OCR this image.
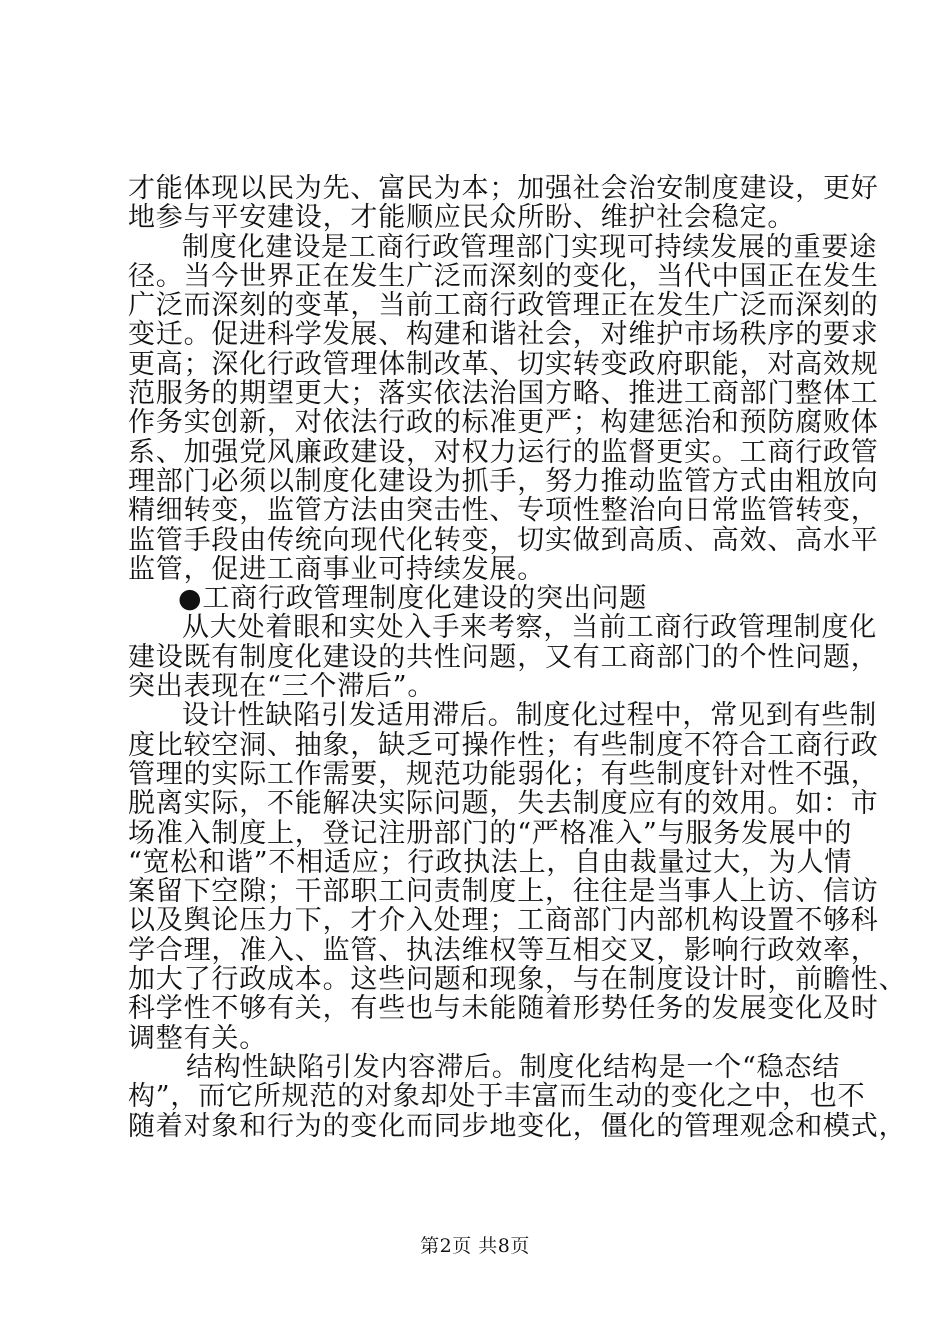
才能体现以民为先、富民为本；加强社会治安制度建设，更好
地参与平安建设，才能顺应民众所盼、维护社会稳定。
制度化建设是工商行政管理部门实现可持续发展的重要途
径。当今世界正在发生广泛而深刻的变化，当代中国正在发生
广泛而深刻的变革，当前工商行政管理正在发生广泛而深刻的
变迁。促进科学发展、构建和谐社会，对维护市场秩序的要求
更高；深化行政管理体制改革、切实转变政府职能，对高效规
范服务的期望更大；落实依法治国方略、推进工商部门整体工
作务实创新，对依法行政的标准更严；构建惩治和预防腐败体
系、加强党风廉政建设，对权力运行的监督更实。工商行政管
理部门必须以制度化建设为抓手，努力推动监管方式由粗放向
精细转变，监管方法由突击性、专项性整治向日常监管转变，
监管手段由传统向现代化转变，切实做到高质、高效、高水平
监管，促进工商事业可持续发展。
●工商行政管理制度化建设的突出问题
从大处着眼和实处入手来考察，当前工商行政管理制度化
建设既有制度化建设的共性问题，又有工商部门的个性问题，
突出表现在“三个滞后”。
设计性缺陷引发适用滞后。制度化过程中，常见到有些制
度比较空洞、抽象，缺乏可操作性；有些制度不符合工商行政
管理的实际工作需要，规范功能弱化；有些制度针对性不强，
脱离实际，不能解决实际问题，失去制度应有的效用。如：市
场准入制度上，登记注册部门的“严格准入”与服务发展中的
“宽松和谐”不相适应；行政执法上，自由裁量过大，为人情
案留下空隙；干部职工问责制度上，往往是当事人上访、信访
以及舆论压力下，才介入处理；工商部门内部机构设置不够科
学合理，准入、监管、执法维权等互相交叉，影响行政效率，
加大了行政成本。这些问题和现象，与在制度设计时，前瞻性、
科学性不够有关，有些也与未能随着形势任务的发展变化及时
调整有关。
结构性缺陷引发内容滞后。制度化结构是一个“稳态结
构”，而它所规范的对象却处于丰富而生动的变化之中，也不
随着对象和行为的变化而同步地变化，僵化的管理观念和模式，
第2页 共8页
